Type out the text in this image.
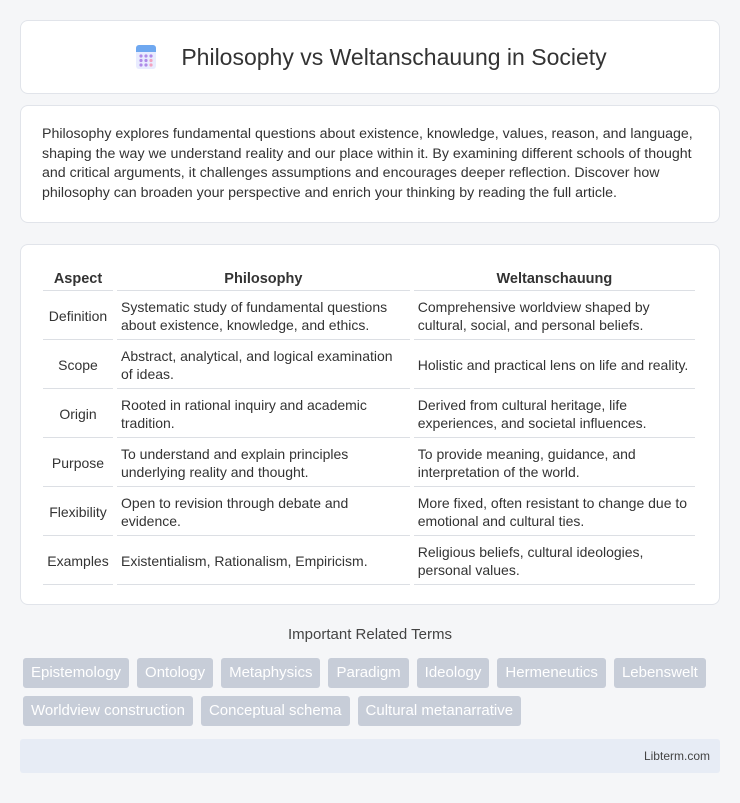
Philosophy vs Weltanschauung in Society

Philosophy explores fundamental questions about existence, knowledge, values, reason, and language, shaping the way we understand reality and our place within it. By examining different schools of thought and critical arguments, it challenges assumptions and encourages deeper reflection. Discover how philosophy can broaden your perspective and enrich your thinking by reading the full article.

Aspect	Philosophy	Weltanschauung
Definition	Systematic study of fundamental questions about existence, knowledge, and ethics.	Comprehensive worldview shaped by cultural, social, and personal beliefs.
Scope	Abstract, analytical, and logical examination of ideas.	Holistic and practical lens on life and reality.
Origin	Rooted in rational inquiry and academic tradition.	Derived from cultural heritage, life experiences, and societal influences.
Purpose	To understand and explain principles underlying reality and thought.	To provide meaning, guidance, and interpretation of the world.
Flexibility	Open to revision through debate and evidence.	More fixed, often resistant to change due to emotional and cultural ties.
Examples	Existentialism, Rationalism, Empiricism.	Religious beliefs, cultural ideologies, personal values.
Important Related Terms
Epistemology	Ontology	Metaphysics	Paradigm	Ideology	Hermeneutics	Lebenswelt
Worldview construction	Conceptual schema	Cultural metanarrative
Libterm.com
